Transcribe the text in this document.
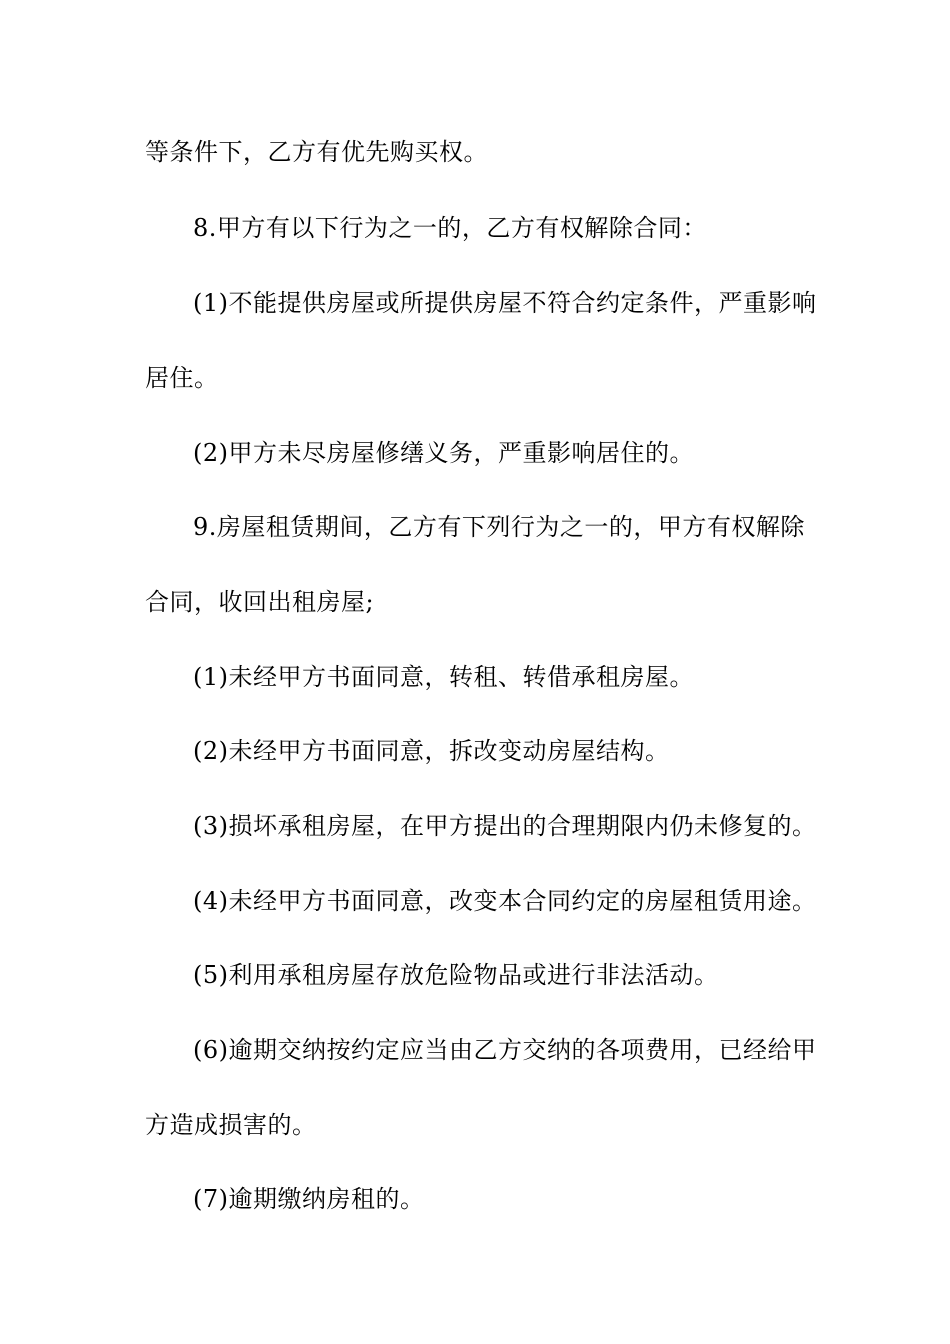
等条件下，乙方有优先购买权。
8.甲方有以下行为之一的，乙方有权解除合同：
(1)不能提供房屋或所提供房屋不符合约定条件，严重影响
居住。
(2)甲方未尽房屋修缮义务，严重影响居住的。
9.房屋租赁期间，乙方有下列行为之一的，甲方有权解除
合同，收回出租房屋;
(1)未经甲方书面同意，转租、转借承租房屋。
(2)未经甲方书面同意，拆改变动房屋结构。
(3)损坏承租房屋，在甲方提出的合理期限内仍未修复的。
(4)未经甲方书面同意，改变本合同约定的房屋租赁用途。
(5)利用承租房屋存放危险物品或进行非法活动。
(6)逾期交纳按约定应当由乙方交纳的各项费用，已经给甲
方造成损害的。
(7)逾期缴纳房租的。
